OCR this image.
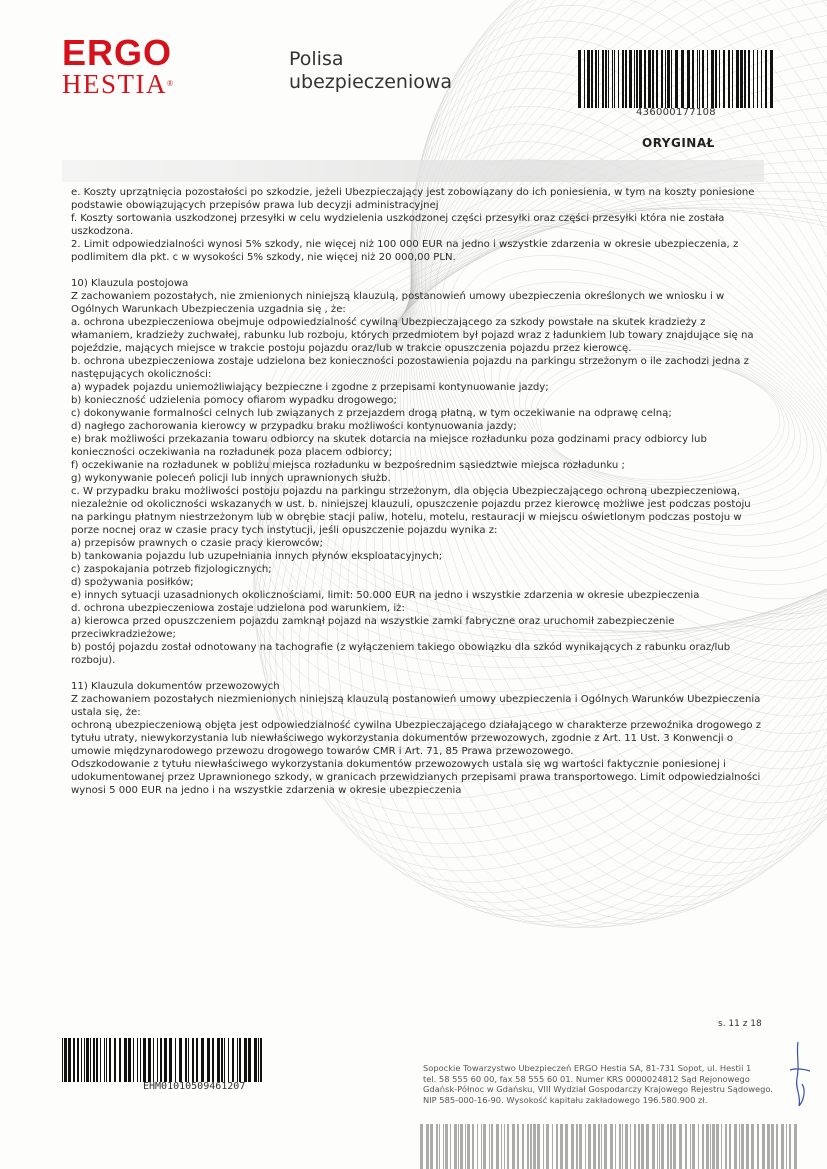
ERGO
HESTIA®
Polisa
ubezpieczeniowa
436000177108
ORYGINAŁ

e. Koszty uprzątnięcia pozostałości po szkodzie, jeżeli Ubezpieczający jest zobowiązany do ich poniesienia, w tym na koszty poniesione podstawie obowiązujących przepisów prawa lub decyzji administracyjnej

f. Koszty sortowania uszkodzonej przesyłki w celu wydzielenia uszkodzonej części przesyłki oraz części przesyłki która nie została uszkodzona.

2. Limit odpowiedzialności wynosi 5% szkody, nie więcej niż 100 000 EUR na jedno i wszystkie zdarzenia w okresie ubezpieczenia, z podlimitem dla pkt. c w wysokości 5% szkody, nie więcej niż 20 000,00 PLN.

10) Klauzula postojowa

Z zachowaniem pozostałych, nie zmienionych niniejszą klauzulą, postanowień umowy ubezpieczenia określonych we wniosku i w Ogólnych Warunkach Ubezpieczenia uzgadnia się , że:

a. ochrona ubezpieczeniowa obejmuje odpowiedzialność cywilną Ubezpieczającego za szkody powstałe na skutek kradzieży z włamaniem, kradzieży zuchwałej, rabunku lub rozboju, których przedmiotem był pojazd wraz z ładunkiem lub towary znajdujące się na pojeździe, mających miejsce w trakcie postoju pojazdu oraz/lub w trakcie opuszczenia pojazdu przez kierowcę.

b. ochrona ubezpieczeniowa zostaje udzielona bez konieczności pozostawienia pojazdu na parkingu strzeżonym o ile zachodzi jedna z następujących okoliczności:

a) wypadek pojazdu uniemożliwiający bezpieczne i zgodne z przepisami kontynuowanie jazdy;

b) konieczność udzielenia pomocy ofiarom wypadku drogowego;

c) dokonywanie formalności celnych lub związanych z przejazdem drogą płatną, w tym oczekiwanie na odprawę celną;

d) nagłego zachorowania kierowcy w przypadku braku możliwości kontynuowania jazdy;

e) brak możliwości przekazania towaru odbiorcy na skutek dotarcia na miejsce rozładunku poza godzinami pracy odbiorcy lub konieczności oczekiwania na rozładunek poza placem odbiorcy;

f) oczekiwanie na rozładunek w pobliżu miejsca rozładunku w bezpośrednim sąsiedztwie miejsca rozładunku ;

g) wykonywanie poleceń policji lub innych uprawnionych służb.

c. W przypadku braku możliwości postoju pojazdu na parkingu strzeżonym, dla objęcia Ubezpieczającego ochroną ubezpieczeniową, niezależnie od okoliczności wskazanych w ust. b. niniejszej klauzuli, opuszczenie pojazdu przez kierowcę możliwe jest podczas postoju na parkingu płatnym niestrzeżonym lub w obrębie stacji paliw, hotelu, motelu, restauracji w miejscu oświetlonym podczas postoju w porze nocnej oraz w czasie pracy tych instytucji, jeśli opuszczenie pojazdu wynika z:

a) przepisów prawnych o czasie pracy kierowców;

b) tankowania pojazdu lub uzupełniania innych płynów eksploatacyjnych;

c) zaspokajania potrzeb fizjologicznych;

d) spożywania posiłków;

e) innych sytuacji uzasadnionych okolicznościami, limit: 50.000 EUR na jedno i wszystkie zdarzenia w okresie ubezpieczenia

d. ochrona ubezpieczeniowa zostaje udzielona pod warunkiem, iż:

a) kierowca przed opuszczeniem pojazdu zamknął pojazd na wszystkie zamki fabryczne oraz uruchomił zabezpieczenie przeciwkradzieżowe;

b) postój pojazdu został odnotowany na tachografie (z wyłączeniem takiego obowiązku dla szkód wynikających z rabunku oraz/lub rozboju).

11) Klauzula dokumentów przewozowych

Z zachowaniem pozostałych niezmienionych niniejszą klauzulą postanowień umowy ubezpieczenia i Ogólnych Warunków Ubezpieczenia ustala się, że:

ochroną ubezpieczeniową objęta jest odpowiedzialność cywilna Ubezpieczającego działającego w charakterze przewoźnika drogowego z tytułu utraty, niewykorzystania lub niewłaściwego wykorzystania dokumentów przewozowych, zgodnie z Art. 11 Ust. 3 Konwencji o umowie międzynarodowego przewozu drogowego towarów CMR i Art. 71, 85 Prawa przewozowego.

Odszkodowanie z tytułu niewłaściwego wykorzystania dokumentów przewozowych ustala się wg wartości faktycznie poniesionej i udokumentowanej przez Uprawnionego szkody, w granicach przewidzianych przepisami prawa transportowego. Limit odpowiedzialności wynosi 5 000 EUR na jedno i na wszystkie zdarzenia w okresie ubezpieczenia

s. 11 z 18
EHM01010509461207

Sopockie Towarzystwo Ubezpieczeń ERGO Hestia SA, 81-731 Sopot, ul. Hestii 1

tel. 58 555 60 00, fax 58 555 60 01. Numer KRS 0000024812 Sąd Rejonowego

Gdańsk-Północ w Gdańsku, VIII Wydział Gospodarczy Krajowego Rejestru Sądowego.

NIP 585-000-16-90. Wysokość kapitału zakładowego 196.580.900 zł.
